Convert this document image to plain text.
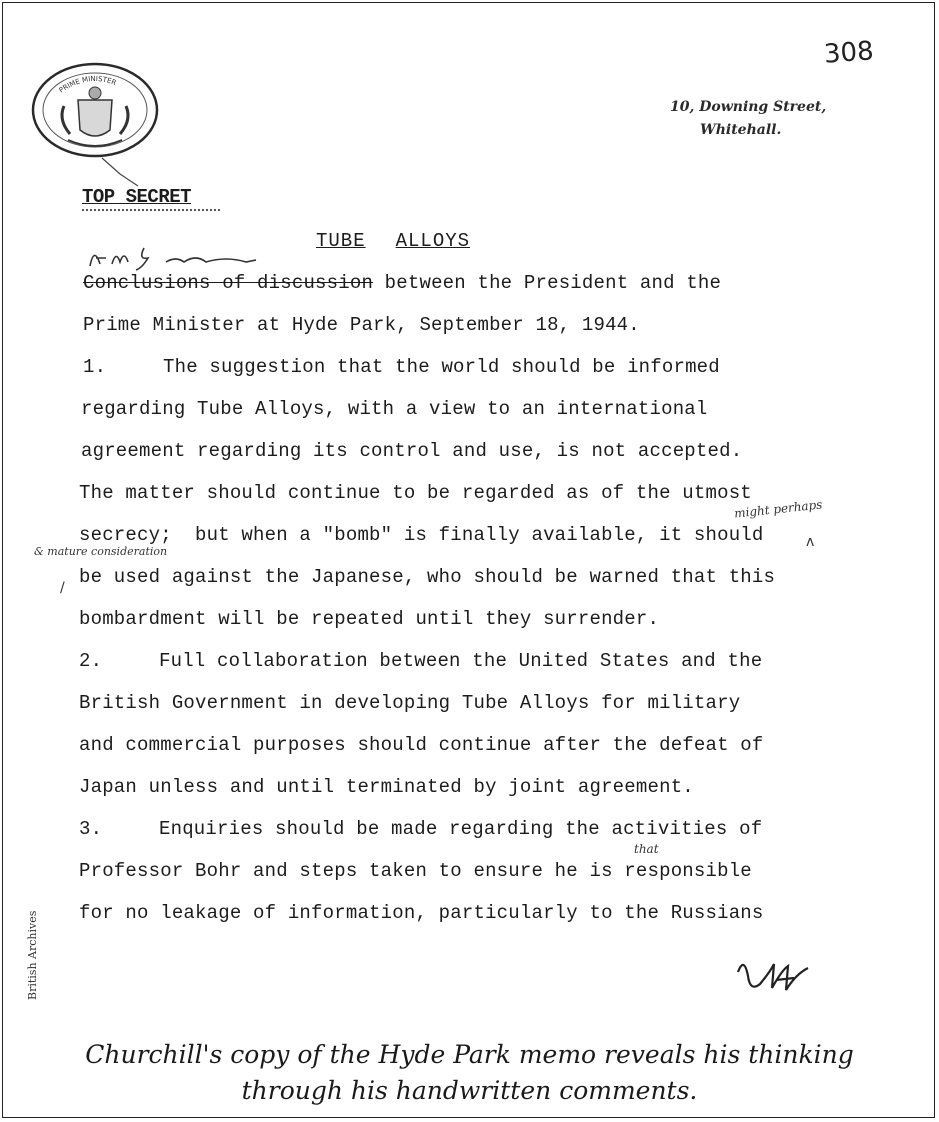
308
10, Downing Street,
Whitehall.
PRIME MINISTER
TOP SECRET
TUBE ALLOYS
Conclusions of discussion between the President and the
Prime Minister at Hyde Park, September 18, 1944.
1.	The suggestion that the world should be informed
regarding Tube Alloys, with a view to an international
agreement regarding its control and use, is not accepted.
The matter should continue to be regarded as of the utmost
secrecy;  but when a "bomb" is finally available, it should
be used against the Japanese, who should be warned that this
bombardment will be repeated until they surrender.
might perhaps
& mature consideration
ʌ
/
2.	Full collaboration between the United States and the
British Government in developing Tube Alloys for military
and commercial purposes should continue after the defeat of
Japan unless and until terminated by joint agreement.
3.	Enquiries should be made regarding the activities of
that
Professor Bohr and steps taken to ensure he is responsible
for no leakage of information, particularly to the Russians
British Archives
Churchill's copy of the Hyde Park memo reveals his thinking
through his handwritten comments.
